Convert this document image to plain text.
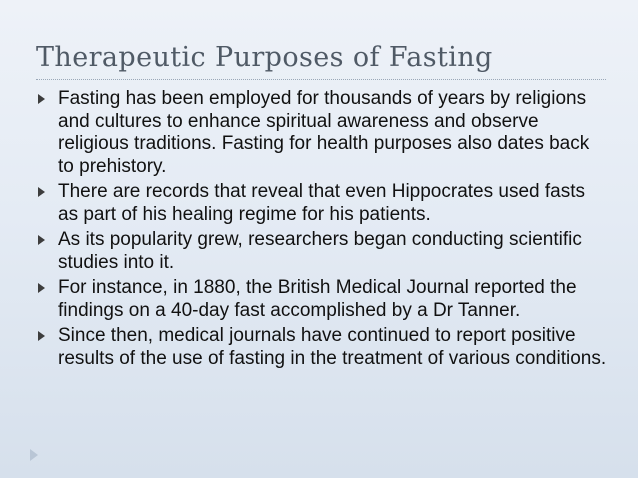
Therapeutic Purposes of Fasting
Fasting has been employed for thousands of years by religions and cultures to enhance spiritual awareness and observe religious traditions. Fasting for health purposes also dates back to prehistory.
There are records that reveal that even Hippocrates used fasts as part of his healing regime for his patients.
As its popularity grew, researchers began conducting scientific studies into it.
For instance, in 1880, the British Medical Journal reported the findings on a 40-day fast accomplished by a Dr Tanner.
Since then, medical journals have continued to report positive results of the use of fasting in the treatment of various conditions.
